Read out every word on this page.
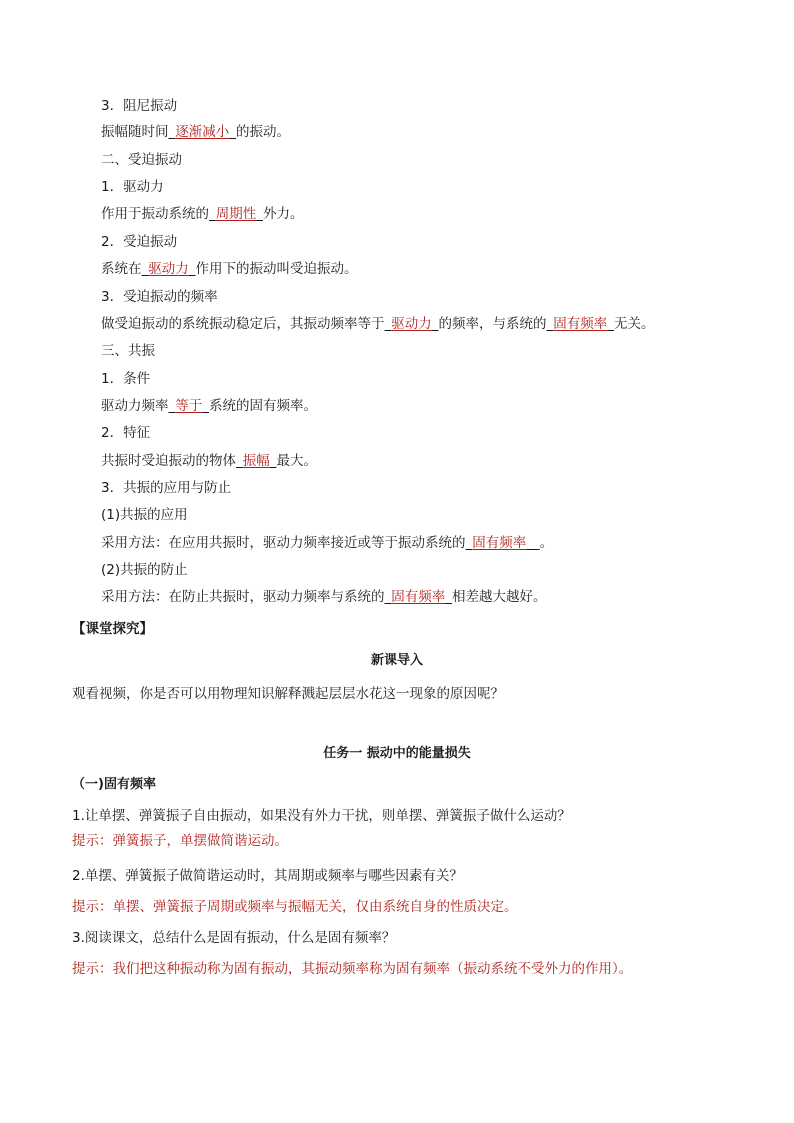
3．阻尼振动
振幅随时间  逐渐减小  的振动。
二、受迫振动
1．驱动力
作用于振动系统的  周期性  外力。
2．受迫振动
系统在  驱动力  作用下的振动叫受迫振动。
3．受迫振动的频率
做受迫振动的系统振动稳定后，其振动频率等于  驱动力  的频率，与系统的  固有频率  无关。
三、共振
1．条件
驱动力频率  等于  系统的固有频率。
2．特征
共振时受迫振动的物体  振幅  最大。
3．共振的应用与防止
(1)共振的应用
采用方法：在应用共振时，驱动力频率接近或等于振动系统的  固有频率   。
(2)共振的防止
采用方法：在防止共振时，驱动力频率与系统的  固有频率  相差越大越好。
【课堂探究】
新课导入
观看视频，你是否可以用物理知识解释溅起层层水花这一现象的原因呢？
任务一 振动中的能量损失
（一)固有频率
1.让单摆、弹簧振子自由振动，如果没有外力干扰，则单摆、弹簧振子做什么运动？
提示：弹簧振子，单摆做简谐运动。
2.单摆、弹簧振子做简谐运动时，其周期或频率与哪些因素有关？
提示：单摆、弹簧振子周期或频率与振幅无关，仅由系统自身的性质决定。
3.阅读课文，总结什么是固有振动，什么是固有频率？
提示：我们把这种振动称为固有振动，其振动频率称为固有频率（振动系统不受外力的作用）。
